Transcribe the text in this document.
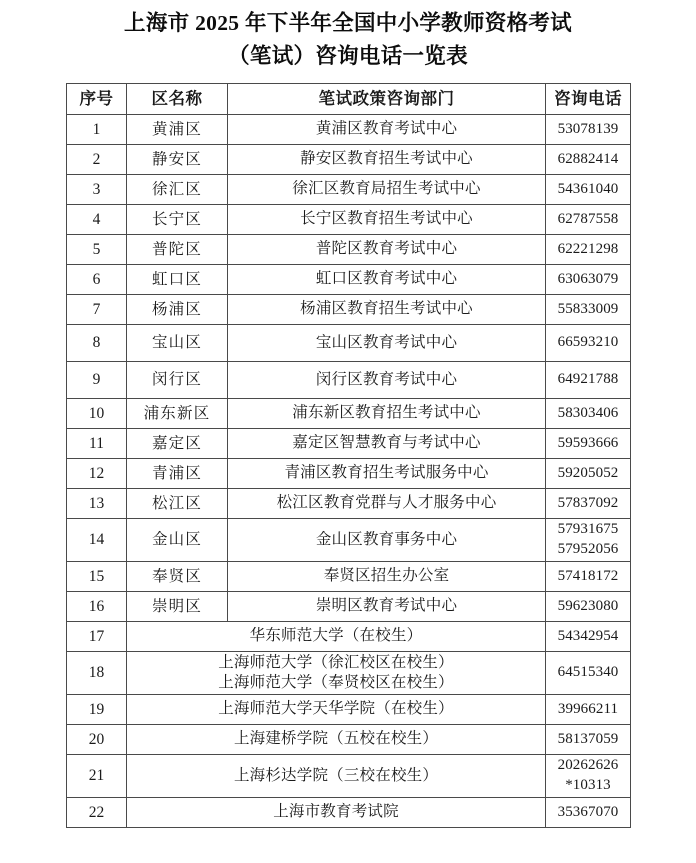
上海市 2025 年下半年全国中小学教师资格考试
（笔试）咨询电话一览表
序号	区名称	笔试政策咨询部门	咨询电话
1	黄浦区	黄浦区教育考试中心	53078139

2	静安区	静安区教育招生考试中心	62882414

3	徐汇区	徐汇区教育局招生考试中心	54361040

4	长宁区	长宁区教育招生考试中心	62787558

5	普陀区	普陀区教育考试中心	62221298

6	虹口区	虹口区教育考试中心	63063079

7	杨浦区	杨浦区教育招生考试中心	55833009

8	宝山区	宝山区教育考试中心	66593210

9	闵行区	闵行区教育考试中心	64921788

10	浦东新区	浦东新区教育招生考试中心	58303406

11	嘉定区	嘉定区智慧教育与考试中心	59593666

12	青浦区	青浦区教育招生考试服务中心	59205052

13	松江区	松江区教育党群与人才服务中心	57837092

14	金山区	金山区教育事务中心	57931675
57952056

15	奉贤区	奉贤区招生办公室	57418172

16	崇明区	崇明区教育考试中心	59623080

17	华东师范大学（在校生）		54342954

18	上海师范大学（徐汇校区在校生）
上海师范大学（奉贤校区在校生）		64515340

19	上海师范大学天华学院（在校生）		39966211

20	上海建桥学院（五校在校生）		58137059

21	上海杉达学院（三校在校生）		20262626
*10313

22	上海市教育考试院		35367070
